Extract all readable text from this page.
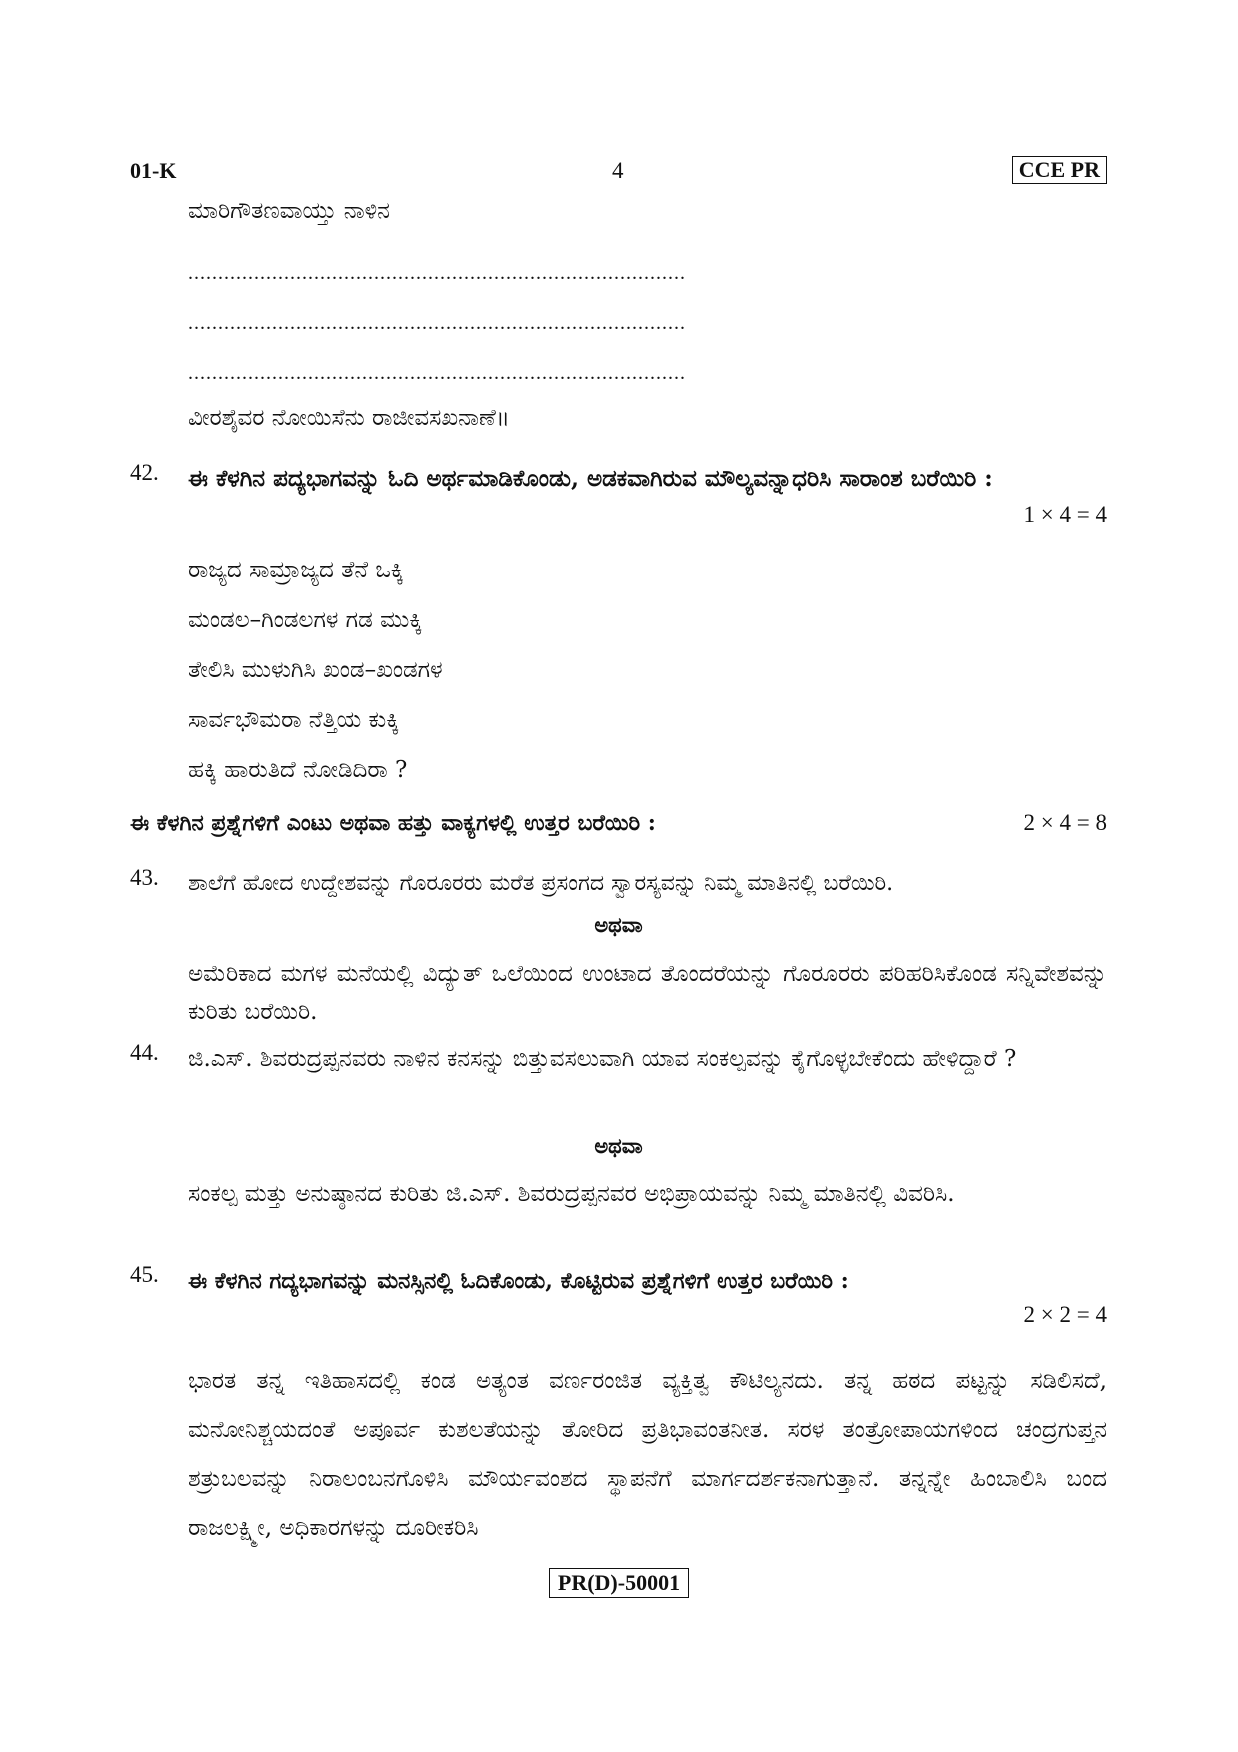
01-K	4	CCE PR
ಮಾರಿಗೌತಣವಾಯ್ತು ನಾಳಿನ
...................................................................................
...................................................................................
...................................................................................
ವೀರಶೈವರ ನೋಯಿಸೆನು ರಾಜೀವಸಖನಾಣೆ॥
42. ಈ ಕೆಳಗಿನ ಪದ್ಯಭಾಗವನ್ನು ಓದಿ ಅರ್ಥಮಾಡಿಕೊಂಡು, ಅಡಕವಾಗಿರುವ ಮೌಲ್ಯವನ್ನಾಧರಿಸಿ ಸಾರಾಂಶ ಬರೆಯಿರಿ :
1 × 4 = 4
ರಾಜ್ಯದ ಸಾಮ್ರಾಜ್ಯದ ತೆನೆ ಒಕ್ಕಿ
ಮಂಡಲ–ಗಿಂಡಲಗಳ ಗಡ ಮುಕ್ಕಿ
ತೇಲಿಸಿ ಮುಳುಗಿಸಿ ಖಂಡ–ಖಂಡಗಳ
ಸಾರ್ವಭೌಮರಾ ನೆತ್ತಿಯ ಕುಕ್ಕಿ
ಹಕ್ಕಿ ಹಾರುತಿದೆ ನೋಡಿದಿರಾ ?
ಈ ಕೆಳಗಿನ ಪ್ರಶ್ನೆಗಳಿಗೆ ಎಂಟು ಅಥವಾ ಹತ್ತು ವಾಕ್ಯಗಳಲ್ಲಿ ಉತ್ತರ ಬರೆಯಿರಿ :	2 × 4 = 8
43. ಶಾಲೆಗೆ ಹೋದ ಉದ್ದೇಶವನ್ನು ಗೊರೂರರು ಮರೆತ ಪ್ರಸಂಗದ ಸ್ವಾರಸ್ಯವನ್ನು ನಿಮ್ಮ ಮಾತಿನಲ್ಲಿ ಬರೆಯಿರಿ.
ಅಥವಾ
ಅಮೆರಿಕಾದ ಮಗಳ ಮನೆಯಲ್ಲಿ ವಿದ್ಯುತ್ ಒಲೆಯಿಂದ ಉಂಟಾದ ತೊಂದರೆಯನ್ನು ಗೊರೂರರು ಪರಿಹರಿಸಿಕೊಂಡ ಸನ್ನಿವೇಶವನ್ನು ಕುರಿತು ಬರೆಯಿರಿ.
44. ಜಿ.ಎಸ್. ಶಿವರುದ್ರಪ್ಪನವರು ನಾಳಿನ ಕನಸನ್ನು ಬಿತ್ತುವಸಲುವಾಗಿ ಯಾವ ಸಂಕಲ್ಪವನ್ನು ಕೈಗೊಳ್ಳಬೇಕೆಂದು ಹೇಳಿದ್ದಾರೆ ?
ಅಥವಾ
ಸಂಕಲ್ಪ ಮತ್ತು ಅನುಷ್ಠಾನದ ಕುರಿತು ಜಿ.ಎಸ್. ಶಿವರುದ್ರಪ್ಪನವರ ಅಭಿಪ್ರಾಯವನ್ನು ನಿಮ್ಮ ಮಾತಿನಲ್ಲಿ ವಿವರಿಸಿ.
45. ಈ ಕೆಳಗಿನ ಗದ್ಯಭಾಗವನ್ನು ಮನಸ್ಸಿನಲ್ಲಿ ಓದಿಕೊಂಡು, ಕೊಟ್ಟಿರುವ ಪ್ರಶ್ನೆಗಳಿಗೆ ಉತ್ತರ ಬರೆಯಿರಿ :
2 × 2 = 4
ಭಾರತ ತನ್ನ ಇತಿಹಾಸದಲ್ಲಿ ಕಂಡ ಅತ್ಯಂತ ವರ್ಣರಂಜಿತ ವ್ಯಕ್ತಿತ್ವ ಕೌಟಿಲ್ಯನದು. ತನ್ನ ಹಠದ ಪಟ್ಟನ್ನು ಸಡಿಲಿಸದೆ, ಮನೋನಿಶ್ಚಯದಂತೆ ಅಪೂರ್ವ ಕುಶಲತೆಯನ್ನು ತೋರಿದ ಪ್ರತಿಭಾವಂತನೀತ. ಸರಳ ತಂತ್ರೋಪಾಯಗಳಿಂದ ಚಂದ್ರಗುಪ್ತನ ಶತ್ರುಬಲವನ್ನು ನಿರಾಲಂಬನಗೊಳಿಸಿ ಮೌರ್ಯವಂಶದ ಸ್ಥಾಪನೆಗೆ ಮಾರ್ಗದರ್ಶಕನಾಗುತ್ತಾನೆ. ತನ್ನನ್ನೇ ಹಿಂಬಾಲಿಸಿ ಬಂದ ರಾಜಲಕ್ಷ್ಮೀ, ಅಧಿಕಾರಗಳನ್ನು ದೂರೀಕರಿಸಿ
PR(D)-50001
